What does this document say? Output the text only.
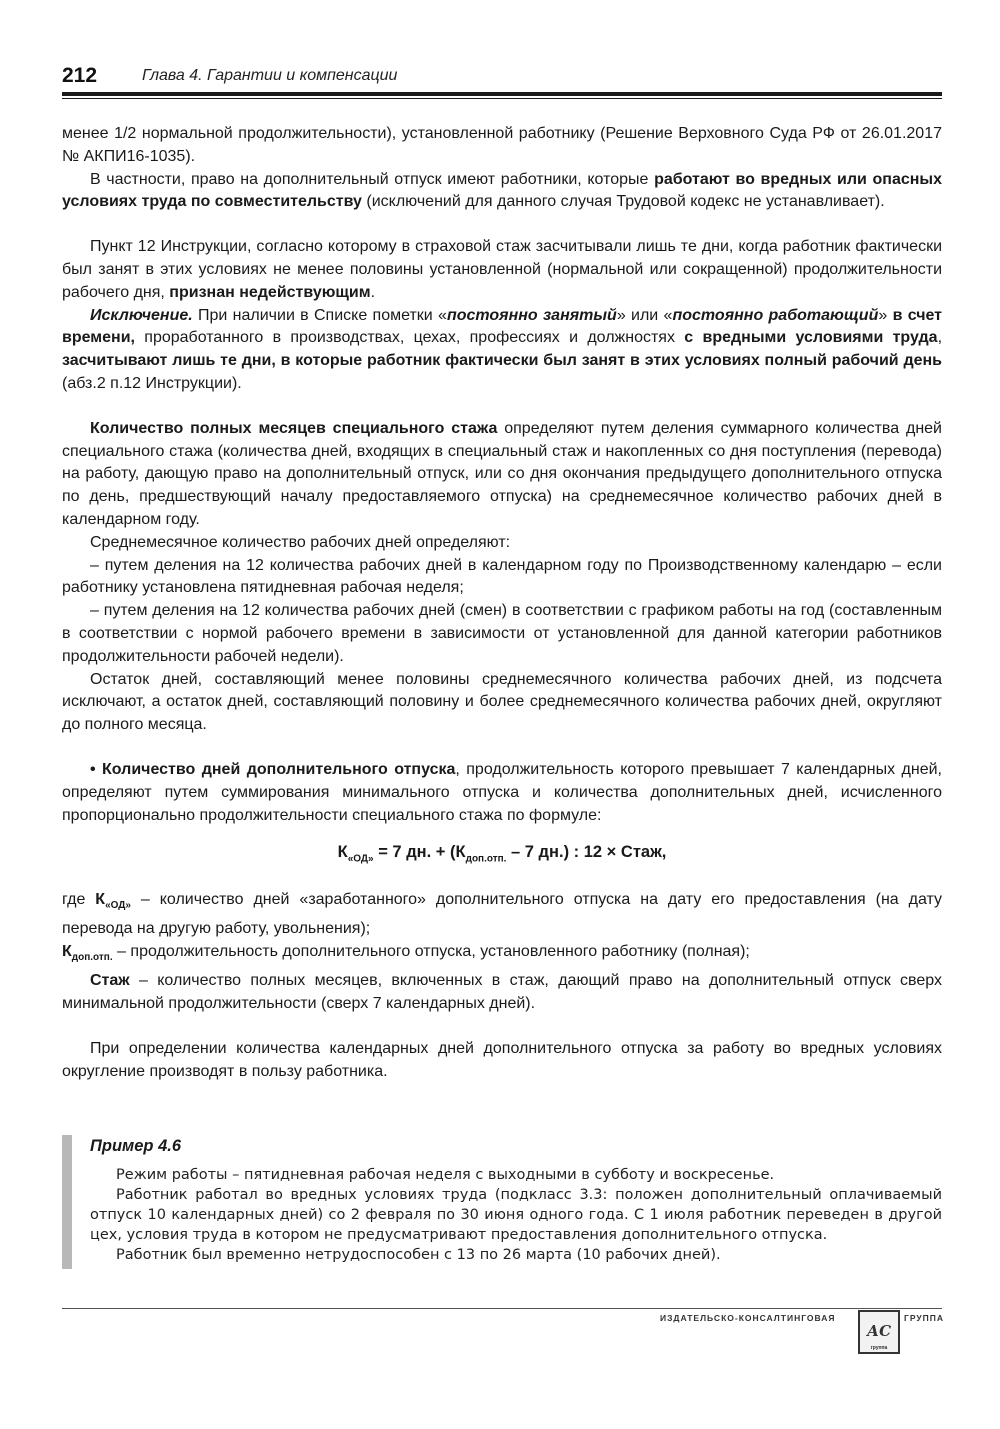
212	Глава 4. Гарантии и компенсации

менее 1/2 нормальной продолжительности), установленной работнику (Решение Верховного Суда РФ от 26.01.2017 № АКПИ16-1035).

В частности, право на дополнительный отпуск имеют работники, которые работают во вредных или опасных условиях труда по совместительству (исключений для данного случая Трудовой кодекс не устанавливает).

Пункт 12 Инструкции, согласно которому в страховой стаж засчитывали лишь те дни, когда работник фактически был занят в этих условиях не менее половины установленной (нормальной или сокращенной) продолжительности рабочего дня, признан недействующим.

Исключение. При наличии в Списке пометки «постоянно занятый» или «постоянно работающий» в счет времени, проработанного в производствах, цехах, профессиях и должностях с вредными условиями труда, засчитывают лишь те дни, в которые работник фактически был занят в этих условиях полный рабочий день (абз.2 п.12 Инструкции).

Количество полных месяцев специального стажа определяют путем деления суммарного количества дней специального стажа (количества дней, входящих в специальный стаж и накопленных со дня поступления (перевода) на работу, дающую право на дополнительный отпуск, или со дня окончания предыдущего дополнительного отпуска по день, предшествующий началу предоставляемого отпуска) на среднемесячное количество рабочих дней в календарном году.

Среднемесячное количество рабочих дней определяют:

– путем деления на 12 количества рабочих дней в календарном году по Производственному календарю – если работнику установлена пятидневная рабочая неделя;

– путем деления на 12 количества рабочих дней (смен) в соответствии с графиком работы на год (составленным в соответствии с нормой рабочего времени в зависимости от установленной для данной категории работников продолжительности рабочей недели).

Остаток дней, составляющий менее половины среднемесячного количества рабочих дней, из подсчета исключают, а остаток дней, составляющий половину и более среднемесячного количества рабочих дней, округляют до полного месяца.

• Количество дней дополнительного отпуска, продолжительность которого превышает 7 календарных дней, определяют путем суммирования минимального отпуска и количества дополнительных дней, исчисленного пропорционально продолжительности специального стажа по формуле:

$К_{«ОД»} = 7$ дн. + ($К_{доп.отп.} - 7$ дн.) : 12 × Стаж,

где $К_{«ОД»}$ – количество дней «заработанного» дополнительного отпуска на дату его предоставления (на дату перевода на другую работу, увольнения);

$К_{доп.отп.}$ – продолжительность дополнительного отпуска, установленного работнику (полная);

Стаж – количество полных месяцев, включенных в стаж, дающий право на дополнительный отпуск сверх минимальной продолжительности (сверх 7 календарных дней).

При определении количества календарных дней дополнительного отпуска за работу во вредных условиях округление производят в пользу работника.

Пример 4.6

Режим работы – пятидневная рабочая неделя с выходными в субботу и воскресенье.

Работник работал во вредных условиях труда (подкласс 3.3: положен дополнительный оплачиваемый отпуск 10 календарных дней) со 2 февраля по 30 июня одного года. С 1 июля работник переведен в другой цех, условия труда в котором не предусматривают предоставления дополнительного отпуска.

Работник был временно нетрудоспособен с 13 по 26 марта (10 рабочих дней).

ИЗДАТЕЛЬСКО-КОНСАЛТИНГОВАЯ
АС
группа
ГРУППА
